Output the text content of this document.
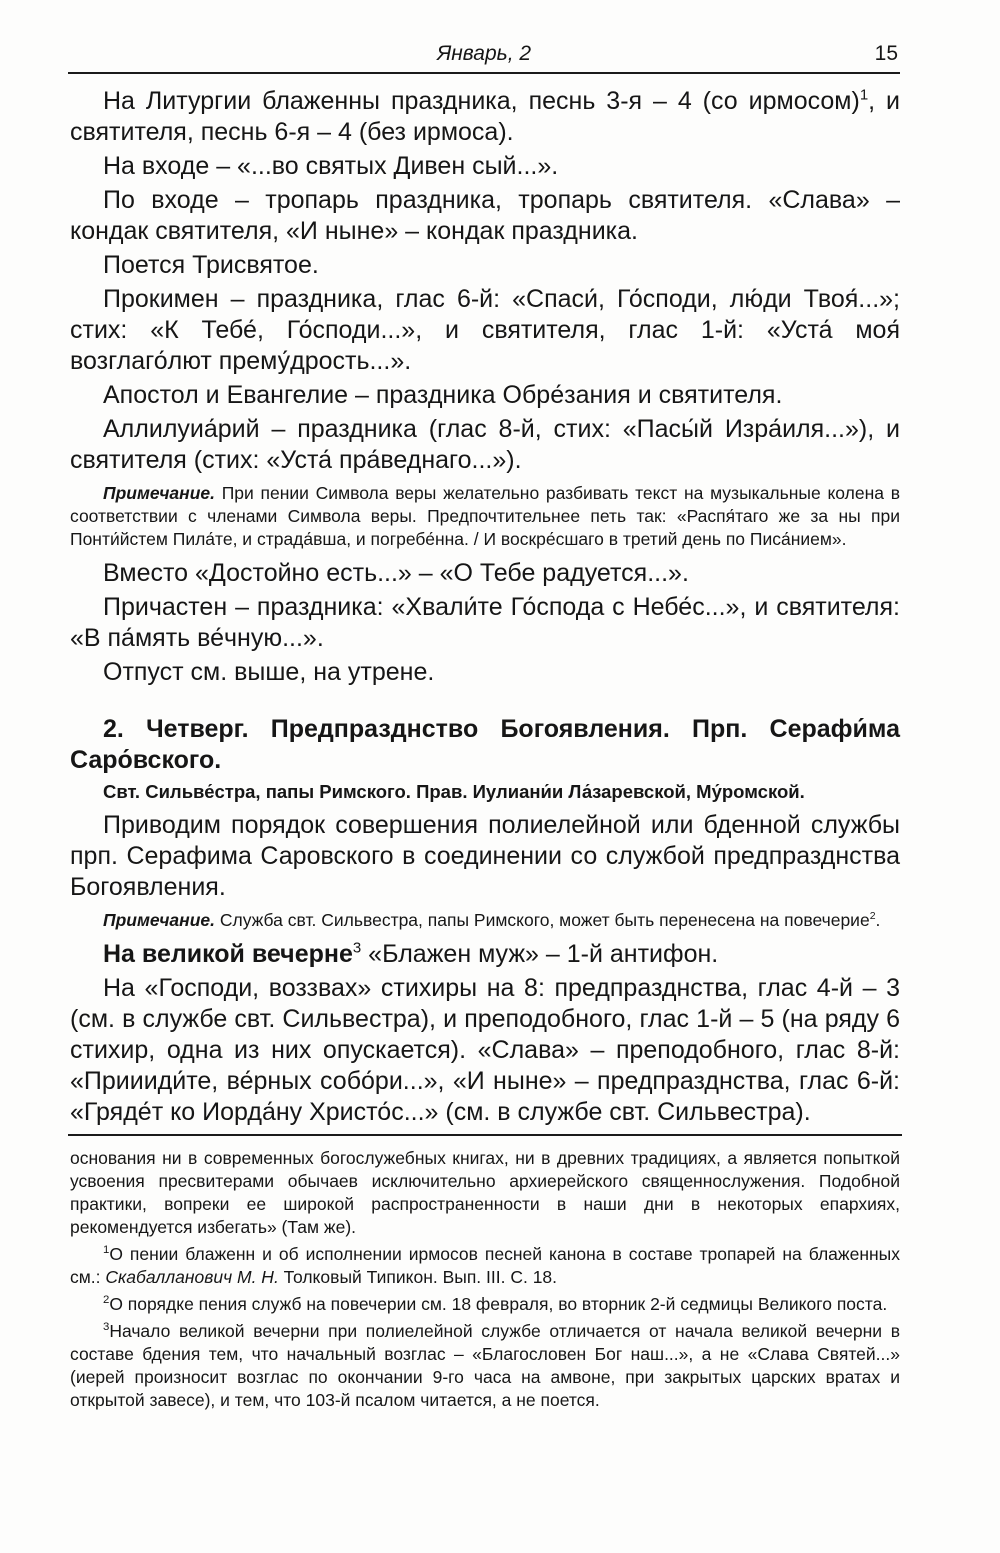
Январь, 2	15

На Литургии блаженны праздника, песнь 3-я – 4 (со ирмосом)$^1$, и святителя, песнь 6-я – 4 (без ирмоса).

На входе – «...во святых Дивен сый...».

По входе – тропарь праздника, тропарь святителя. «Слава» – кондак святителя, «И ныне» – кондак праздника.

Поется Трисвятое.

Прокимен – праздника, глас 6-й: «Спаси́, Го́споди, лю́ди Твоя́...»; стих: «К Тебе́, Го́споди...», и святителя, глас 1-й: «Уста́ моя́ возглаго́лют прему́дрость...».

Апостол и Евангелие – праздника Обре́зания и святителя.

Аллилуиа́рий – праздника (глас 8-й, стих: «Пасы́й Изра́иля...»), и святителя (стих: «Уста́ пра́веднаго...»).

Примечание. При пении Символа веры желательно разбивать текст на музыкальные колена в соответствии с членами Символа веры. Предпочтительнее петь так: «Распя́таго же за ны при Понти́йстем Пила́те, и страда́вша, и погребе́нна. / И воскре́сшаго в третий день по Писа́нием».

Вместо «Достойно есть...» – «О Тебе радуется...».

Причастен – праздника: «Хвали́те Го́спода с Небе́с...», и святителя: «В па́мять ве́чную...».

Отпуст см. выше, на утрене.

2. Четверг. Предпразднство Богоявления. Прп. Серафи́ма Саро́вского.
Свт. Сильве́стра, папы Римского. Прав. Иулиани́и Ла́заревской, Му́ромской.

Приводим порядок совершения полиелейной или бденной службы прп. Серафима Саровского в соединении со службой предпразднства Богоявления.

Примечание. Служба свт. Сильвестра, папы Римского, может быть перенесена на повечерие$^2$.

На великой вечерне$^3$ «Блажен муж» – 1-й антифон.

На «Господи, воззвах» стихиры на 8: предпразднства, глас 4-й – 3 (см. в службе свт. Сильвестра), и преподобного, глас 1-й – 5 (на ряду 6 стихир, одна из них опускается). «Слава» – преподобного, глас 8-й: «Приииди́те, ве́рных собо́ри...», «И ныне» – предпразднства, глас 6-й: «Гряде́т ко Иорда́ну Христо́с...» (см. в службе свт. Сильвестра).

основания ни в современных богослужебных книгах, ни в древних традициях, а является попыткой усвоения пресвитерами обычаев исключительно архиерейского священнослужения. Подобной практики, вопреки ее широкой распространенности в наши дни в некоторых епархиях, рекомендуется избегать» (Там же).

$^1$О пении блаженн и об исполнении ирмосов песней канона в составе тропарей на блаженных см.: Скабалланович М. Н. Толковый Типикон. Вып. III. С. 18.

$^2$О порядке пения служб на повечерии см. 18 февраля, во вторник 2-й седмицы Великого поста.

$^3$Начало великой вечерни при полиелейной службе отличается от начала великой вечерни в составе бдения тем, что начальный возглас – «Благословен Бог наш...», а не «Слава Святей...» (иерей произносит возглас по окончании 9-го часа на амвоне, при закрытых царских вратах и открытой завесе), и тем, что 103-й псалом читается, а не поется.
